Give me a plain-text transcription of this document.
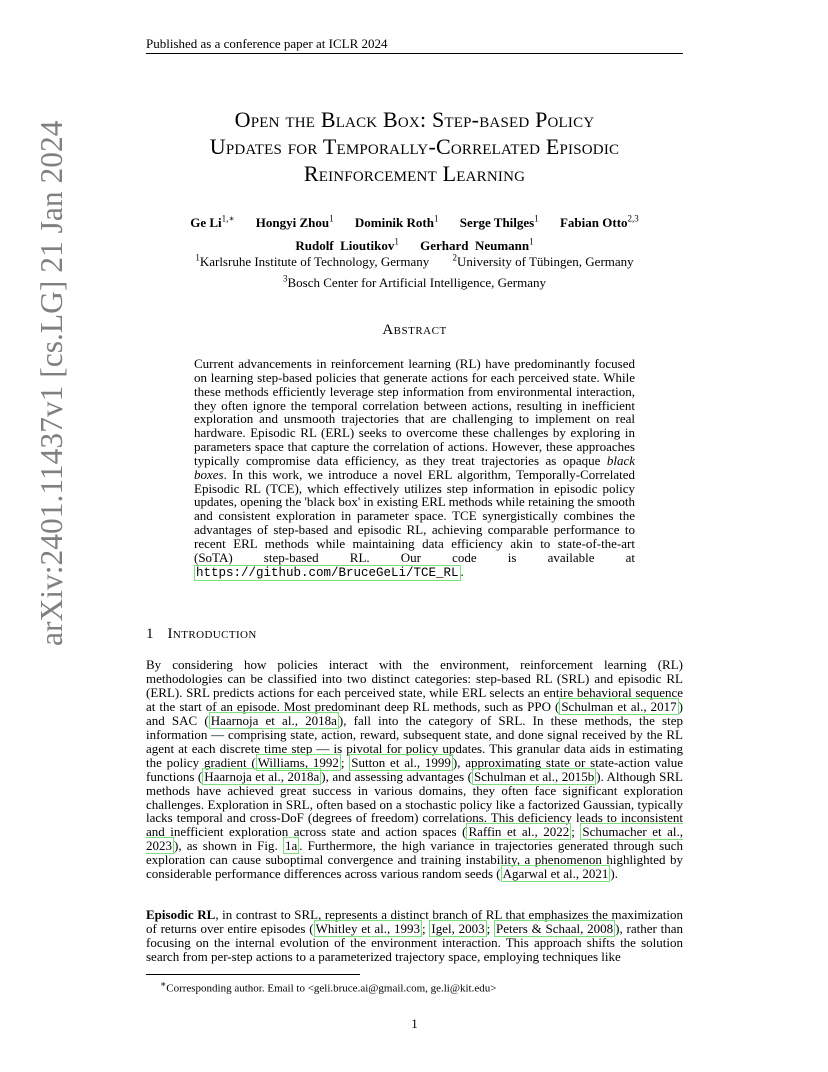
Published as a conference paper at ICLR 2024
arXiv:2401.11437v1 [cs.LG] 21 Jan 2024
Open the Black Box: Step-based Policy
Updates for Temporally-Correlated Episodic
Reinforcement Learning
Ge $Li^{1,∗}$ Hongyi Zhou$^1$ Dominik Roth$^1$ Serge Thilges$^1$ Fabian Otto$^{2,3}$
Rudolf  Lioutikov$^1$ Gerhard  Neumann$^1$
$^1$Karlsruhe Institute of Technology, Germany	$^2$University of Tübingen, Germany
$^3$Bosch Center for Artificial Intelligence, Germany
Abstract
Current advancements in reinforcement learning (RL) have predominantly focused on learning step-based policies that generate actions for each perceived state. While these methods efficiently leverage step information from environmental interaction, they often ignore the temporal correlation between actions, resulting in inefficient exploration and unsmooth trajectories that are challenging to implement on real hardware. Episodic RL (ERL) seeks to overcome these challenges by exploring in parameters space that capture the correlation of actions. However, these approaches typically compromise data efficiency, as they treat trajectories as opaque black boxes. In this work, we introduce a novel ERL algorithm, Temporally-Correlated Episodic RL (TCE), which effectively utilizes step information in episodic policy updates, opening the 'black box' in existing ERL methods while retaining the smooth and consistent exploration in parameter space. TCE synergistically combines the advantages of step-based and episodic RL, achieving comparable performance to recent ERL methods while maintaining data efficiency akin to state-of-the-art (SoTA) step-based RL. Our code is available at https://github.com/BruceGeLi/TCE_RL .
1 Introduction
By considering how policies interact with the environment, reinforcement learning (RL) methodologies can be classified into two distinct categories: step-based RL (SRL) and episodic RL (ERL). SRL predicts actions for each perceived state, while ERL selects an entire behavioral sequence at the start of an episode. Most predominant deep RL methods, such as PPO ( Schulman et al., 2017 ) and SAC ( Haarnoja et al., 2018a ), fall into the category of SRL. In these methods, the step information — comprising state, action, reward, subsequent state, and done signal received by the RL agent at each discrete time step — is pivotal for policy updates. This granular data aids in estimating the policy gradient ( Williams, 1992 ; Sutton et al., 1999 ), approximating state or state-action value functions ( Haarnoja et al., 2018a ), and assessing advantages ( Schulman et al., 2015b ). Although SRL methods have achieved great success in various domains, they often face significant exploration challenges. Exploration in SRL, often based on a stochastic policy like a factorized Gaussian, typically lacks temporal and cross-DoF (degrees of freedom) correlations. This deficiency leads to inconsistent and inefficient exploration across state and action spaces ( Raffin et al., 2022 ; Schumacher et al., 2023 ), as shown in Fig. 1a . Furthermore, the high variance in trajectories generated through such exploration can cause suboptimal convergence and training instability, a phenomenon highlighted by considerable performance differences across various random seeds ( Agarwal et al., 2021 ).
Episodic RL, in contrast to SRL, represents a distinct branch of RL that emphasizes the maximization of returns over entire episodes ( Whitley et al., 1993 ; Igel, 2003 ; Peters & Schaal, 2008 ), rather than focusing on the internal evolution of the environment interaction. This approach shifts the solution search from per-step actions to a parameterized trajectory space, employing techniques like
∗Corresponding author. Email to <geli.bruce.ai@gmail.com, ge.li@kit.edu>
1
